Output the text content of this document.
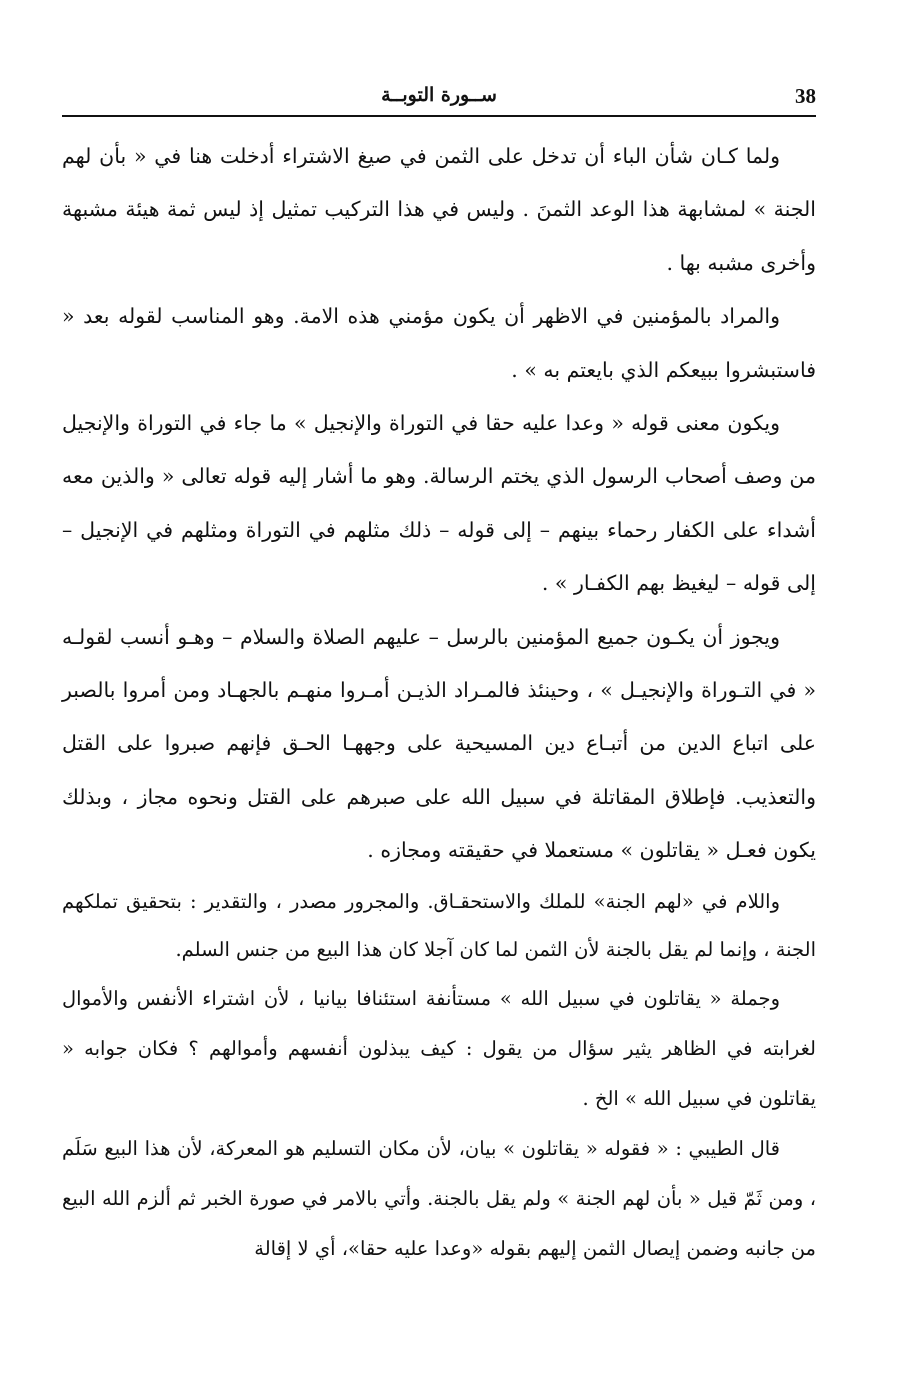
38
ســورة التوبــة

ولما كـان شأن الباء أن تدخل على الثمن في صيغ الاشتراء أدخلت هنا في « بأن لهم الجنة » لمشابهة هذا الوعد الثمنَ . وليس في هذا التركيب تمثيل إذ ليس ثمة هيئة مشبهة وأخرى مشبه بها .

والمراد بالمؤمنين في الاظهر أن يكون مؤمني هذه الامة. وهو المناسب لقوله بعد « فاستبشروا ببيعكم الذي بايعتم به » .

ويكون معنى قوله « وعدا عليه حقا في التوراة والإنجيل » ما جاء في التوراة والإنجيل من وصف أصحاب الرسول الذي يختم الرسالة. وهو ما أشار إليه قوله تعالى « والذين معه أشداء على الكفار رحماء بينهم – إلى قوله – ذلك مثلهم في التوراة ومثلهم في الإنجيل – إلى قوله – ليغيظ بهم الكفـار » .

ويجوز أن يكـون جميع المؤمنين بالرسل – عليهم الصلاة والسلام – وهـو أنسب لقولـه « في التـوراة والإنجيـل » ، وحينئذ فالمـراد الذيـن أمـروا منهـم بالجهـاد ومن أمروا بالصبر على اتباع الدين من أتبـاع دين المسيحية على وجههـا الحـق فإنهم صبروا على القتل والتعذيب. فإطلاق المقاتلة في سبيل الله على صبرهم على القتل ونحوه مجاز ، وبذلك يكون فعـل « يقاتلون » مستعملا في حقيقته ومجازه .

واللام في «لهم الجنة» للملك والاستحقـاق. والمجرور مصدر ، والتقدير : بتحقيق تملكهم الجنة ، وإنما لم يقل بالجنة لأن الثمن لما كان آجلا كان هذا البيع من جنس السلم.

وجملة « يقاتلون في سبيل الله » مستأنفة استئنافا بيانيا ، لأن اشتراء الأنفس والأموال لغرابته في الظاهر يثير سؤال من يقول : كيف يبذلون أنفسهم وأموالهم ؟ فكان جوابه « يقاتلون في سبيل الله » الخ .

قال الطيبي : « فقوله « يقاتلون » بيان، لأن مكان التسليم هو المعركة، لأن هذا البيع سَلَم ، ومن ثَمّ قيل « بأن لهم الجنة » ولم يقل بالجنة. وأتي بالامر في صورة الخبر ثم ألزم الله البيع من جانبه وضمن إيصال الثمن إليهم بقوله «وعدا عليه حقا»، أي لا إقالة
